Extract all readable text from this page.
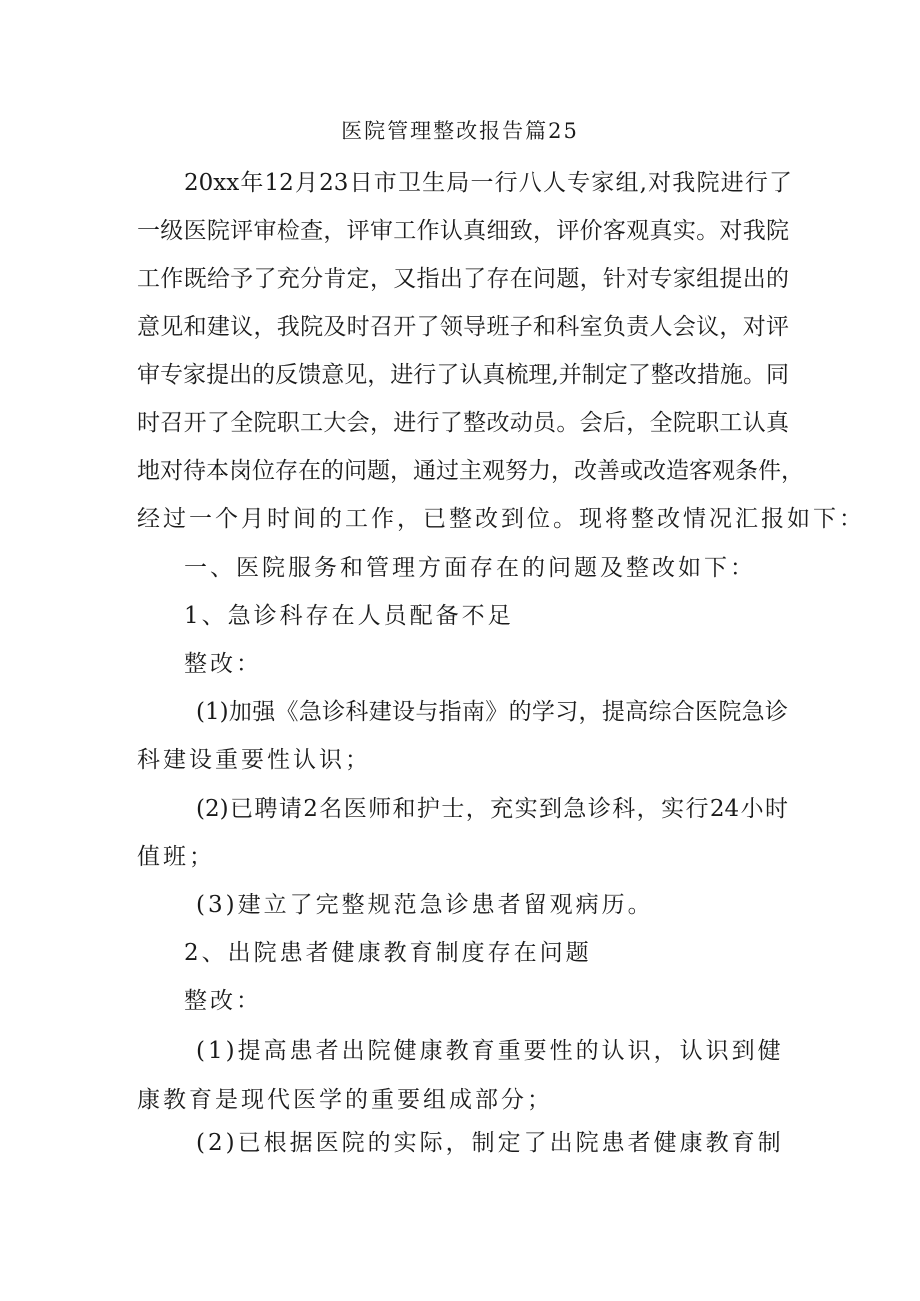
医院管理整改报告篇25
20xx年12月23日市卫生局一行八人专家组,对我院进行了
一级医院评审检查，评审工作认真细致，评价客观真实。对我院
工作既给予了充分肯定，又指出了存在问题，针对专家组提出的
意见和建议，我院及时召开了领导班子和科室负责人会议，对评
审专家提出的反馈意见，进行了认真梳理,并制定了整改措施。同
时召开了全院职工大会，进行了整改动员。会后，全院职工认真
地对待本岗位存在的问题，通过主观努力，改善或改造客观条件，
经过一个月时间的工作，已整改到位。现将整改情况汇报如下：
一、医院服务和管理方面存在的问题及整改如下：
1、急诊科存在人员配备不足
整改：
(1)加强《急诊科建设与指南》的学习，提高综合医院急诊
科建设重要性认识；
(2)已聘请2名医师和护士，充实到急诊科，实行24小时
值班；
(3)建立了完整规范急诊患者留观病历。
2、出院患者健康教育制度存在问题
整改：
(1)提高患者出院健康教育重要性的认识，认识到健
康教育是现代医学的重要组成部分；
(2)已根据医院的实际，制定了出院患者健康教育制
